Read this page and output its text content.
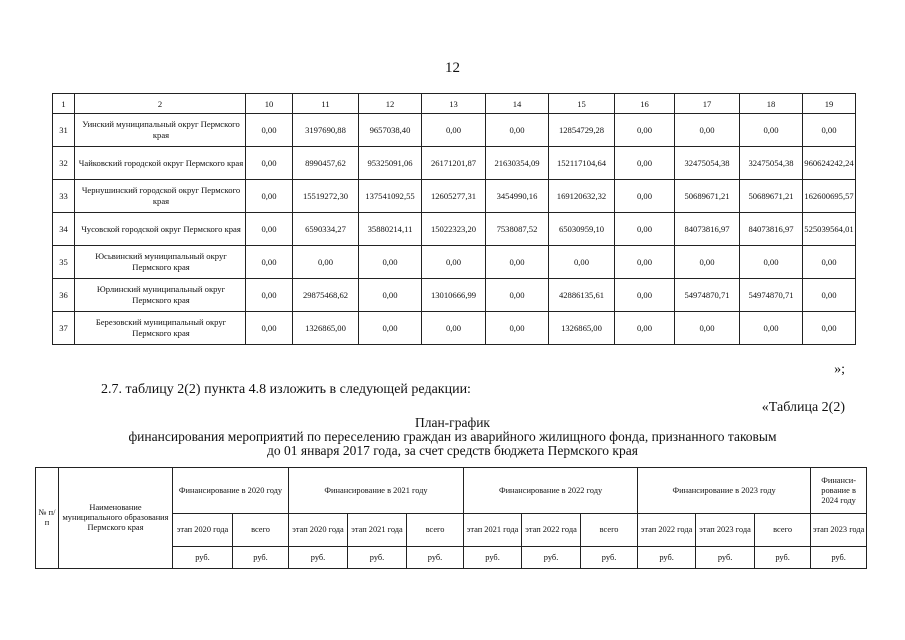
12
1	2	10	11	12	13	14	15	16	17	18	19
31	Уинский муниципальный округ Пермского края	0,00	3197690,88	9657038,40	0,00	0,00	12854729,28	0,00	0,00	0,00	0,00
32	Чайковский городской округ Пермского края	0,00	8990457,62	95325091,06	26171201,87	21630354,09	152117104,64	0,00	32475054,38	32475054,38	960624242,24
33	Чернушинский городской округ Пермского края	0,00	15519272,30	137541092,55	12605277,31	3454990,16	169120632,32	0,00	50689671,21	50689671,21	162600695,57
34	Чусовской городской округ Пермского края	0,00	6590334,27	35880214,11	15022323,20	7538087,52	65030959,10	0,00	84073816,97	84073816,97	525039564,01
35	Юсьвинский муниципальный округ Пермского края	0,00	0,00	0,00	0,00	0,00	0,00	0,00	0,00	0,00	0,00
36	Юрлинский муниципальный округ Пермского края	0,00	29875468,62	0,00	13010666,99	0,00	42886135,61	0,00	54974870,71	54974870,71	0,00
37	Березовский муниципальный округ Пермского края	0,00	1326865,00	0,00	0,00	0,00	1326865,00	0,00	0,00	0,00	0,00
»;
2.7. таблицу 2(2) пункта 4.8 изложить в следующей редакции:
«Таблица 2(2)
План-график
финансирования мероприятий по переселению граждан из аварийного жилищного фонда, признанного таковым
до 01 января 2017 года, за счет средств бюджета Пермского края
№ п/п	Наименование муниципального образования Пермского края	Финансирование в 2020 году		Финансирование в 2021 году			Финансирование в 2022 году			Финансирование в 2023 году			Финанси-рование в 2024 году
		этап 2020 года	всего	этап 2020 года	этап 2021 года	всего	этап 2021 года	этап 2022 года	всего	этап 2022 года	этап 2023 года	всего	этап 2023 года
		руб.	руб.	руб.	руб.	руб.	руб.	руб.	руб.	руб.	руб.	руб.	руб.
